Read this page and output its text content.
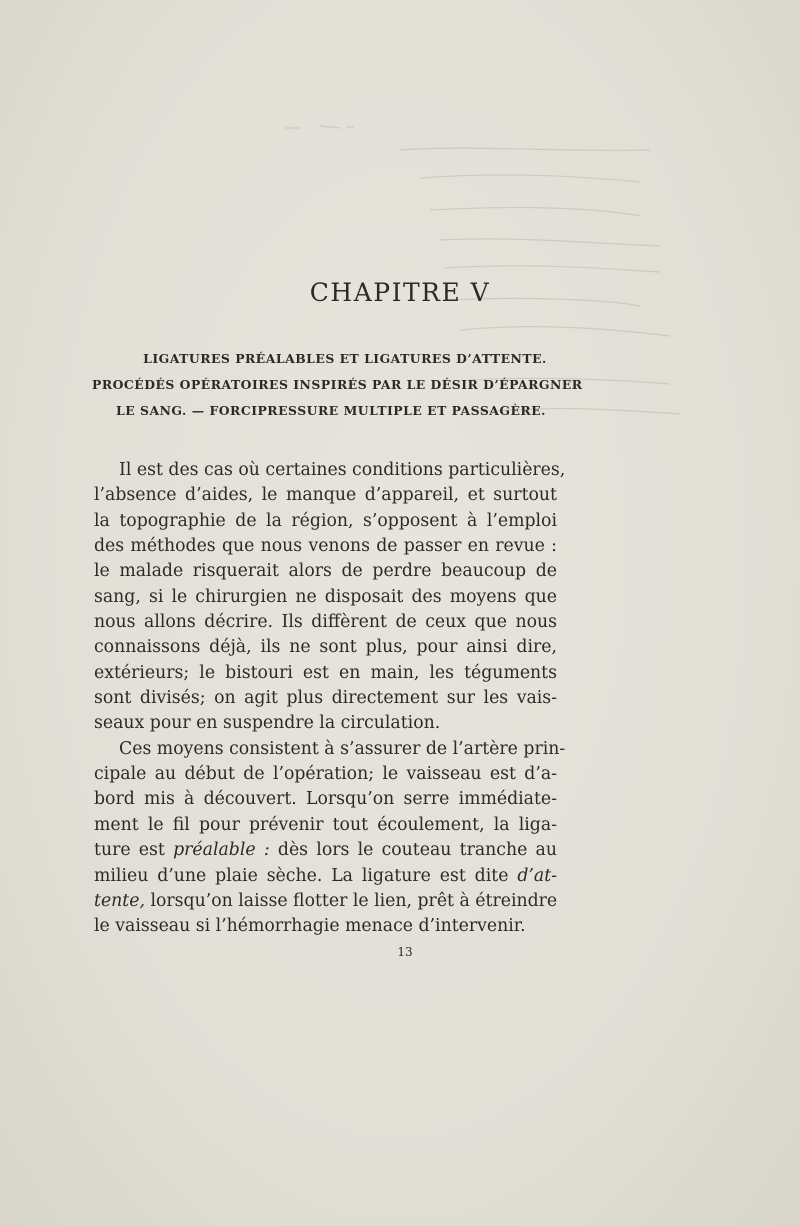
CHAPITRE V
LIGATURES PRÉALABLES ET LIGATURES D’ATTENTE.
PROCÉDÉS OPÉRATOIRES INSPIRÉS PAR LE DÉSIR D’ÉPARGNER
LE SANG. — FORCIPRESSURE MULTIPLE ET PASSAGÈRE.
Il est des cas où certaines conditions particulières,
l’absence d’aides, le manque d’appareil, et surtout
la topographie de la région, s’opposent à l’emploi
des méthodes que nous venons de passer en revue :
le malade risquerait alors de perdre beaucoup de
sang, si le chirurgien ne disposait des moyens que
nous allons décrire. Ils diffèrent de ceux que nous
connaissons déjà, ils ne sont plus, pour ainsi dire,
extérieurs; le bistouri est en main, les téguments
sont divisés; on agit plus directement sur les vais-
seaux pour en suspendre la circulation.
Ces moyens consistent à s’assurer de l’artère prin-
cipale au début de l’opération; le vaisseau est d’a-
bord mis à découvert. Lorsqu’on serre immédiate-
ment le fil pour prévenir tout écoulement, la liga-
ture est préalable : dès lors le couteau tranche au
milieu d’une plaie sèche. La ligature est dite d’at-
tente, lorsqu’on laisse flotter le lien, prêt à étreindre
le vaisseau si l’hémorrhagie menace d’intervenir.
13
